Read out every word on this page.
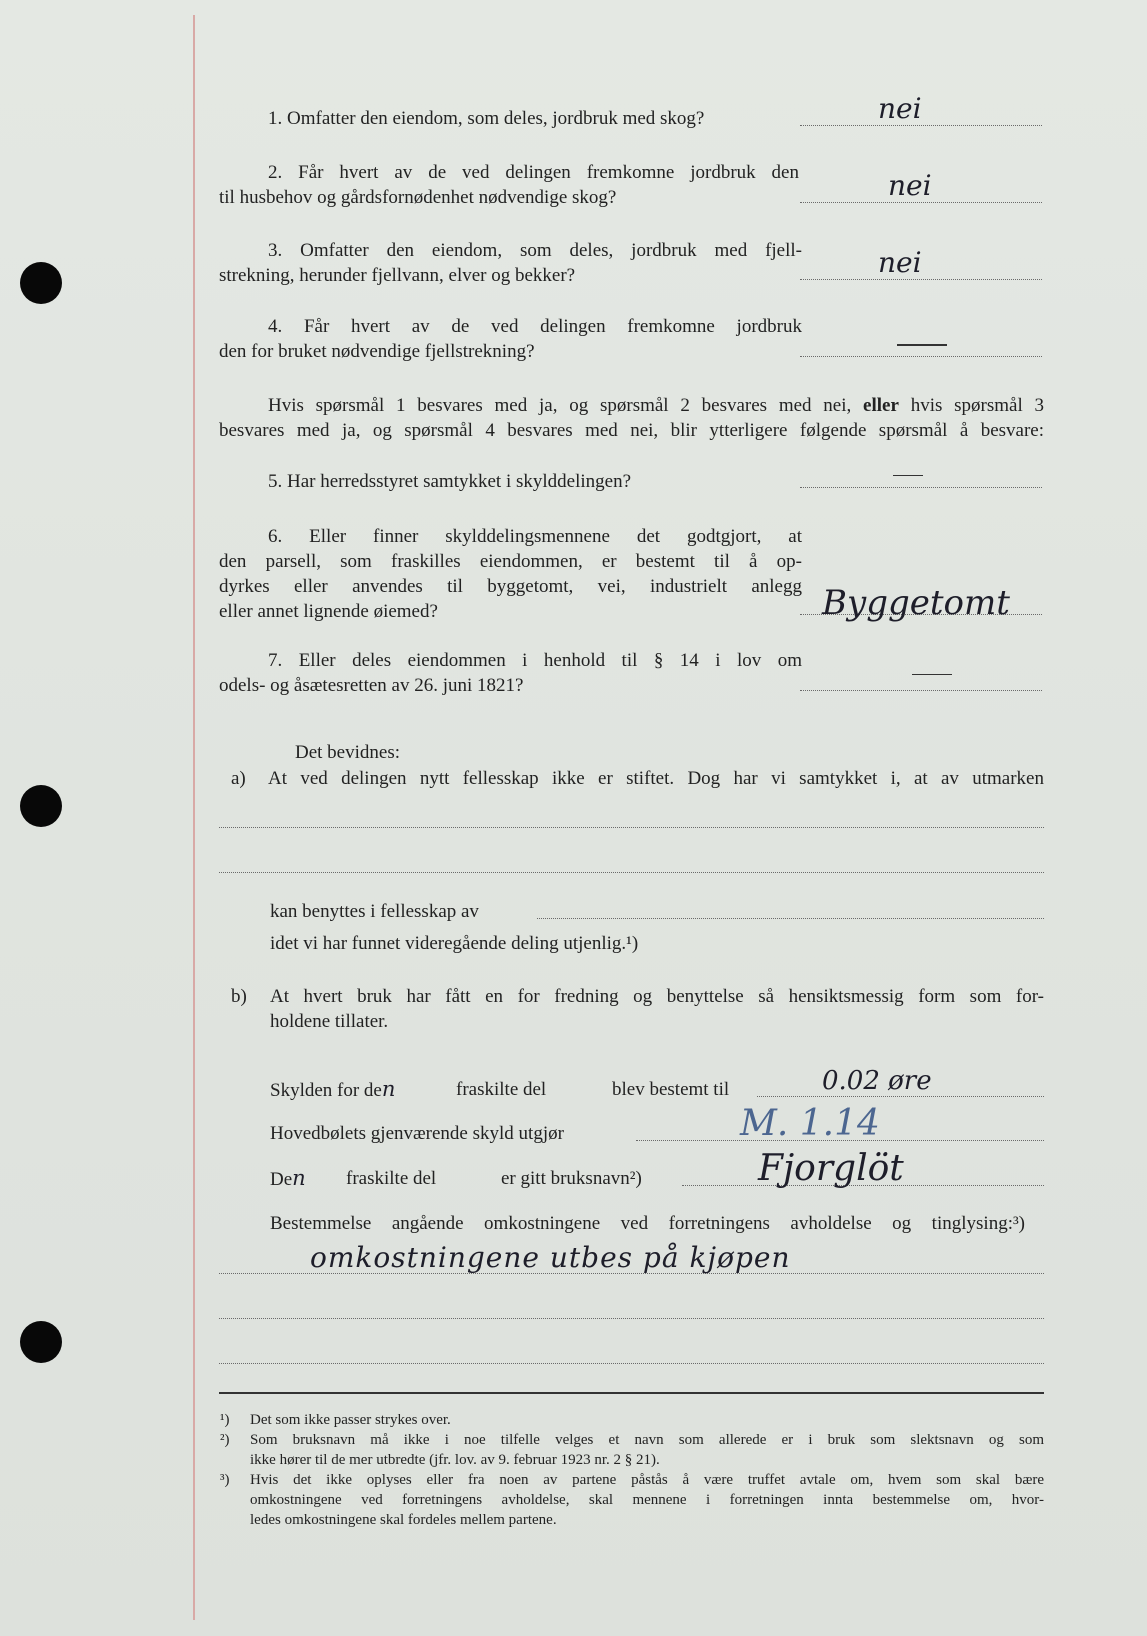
1. Omfatter den eiendom, som deles, jordbruk med skog?	nei
2. Får hvert av de ved delingen fremkomne jordbruk den
til husbehov og gårdsfornødenhet nødvendige skog?	nei
3. Omfatter den eiendom, som deles, jordbruk med fjell-
strekning, herunder fjellvann, elver og bekker?	nei
4. Får hvert av de ved delingen fremkomne jordbruk
den for bruket nødvendige fjellstrekning?
Hvis spørsmål 1 besvares med ja, og spørsmål 2 besvares med nei, eller hvis spørsmål 3
besvares med ja, og spørsmål 4 besvares med nei, blir ytterligere følgende spørsmål å besvare:
5. Har herredsstyret samtykket i skylddelingen?
6. Eller finner skylddelingsmennene det godtgjort, at
den parsell, som fraskilles eiendommen, er bestemt til å op-
dyrkes eller anvendes til byggetomt, vei, industrielt anlegg
eller annet lignende øiemed?	Byggetomt
7. Eller deles eiendommen i henhold til § 14 i lov om
odels- og åsætesretten av 26. juni 1821?
Det bevidnes:
a) At ved delingen nytt fellesskap ikke er stiftet. Dog har vi samtykket i, at av utmarken
kan benyttes i fellesskap av
idet vi har funnet videregående deling utjenlig.¹)
b) At hvert bruk har fått en for fredning og benyttelse så hensiktsmessig form som for-
holdene tillater.
Skylden for den	fraskilte del	blev bestemt til	0.02 øre
Hovedbølets gjenværende skyld utgjør	M. 1.14
Den fraskilte del	er gitt bruksnavn²)	Fjorglöt
Bestemmelse angående omkostningene ved forretningens avholdelse og tinglysing:³)
omkostningene utbes på kjøpen
¹) Det som ikke passer strykes over.
²) Som bruksnavn må ikke i noe tilfelle velges et navn som allerede er i bruk som slektsnavn og som
ikke hører til de mer utbredte (jfr. lov. av 9. februar 1923 nr. 2 § 21).
³) Hvis det ikke oplyses eller fra noen av partene påstås å være truffet avtale om, hvem som skal bære
omkostningene ved forretningens avholdelse, skal mennene i forretningen innta bestemmelse om, hvor-
ledes omkostningene skal fordeles mellem partene.
